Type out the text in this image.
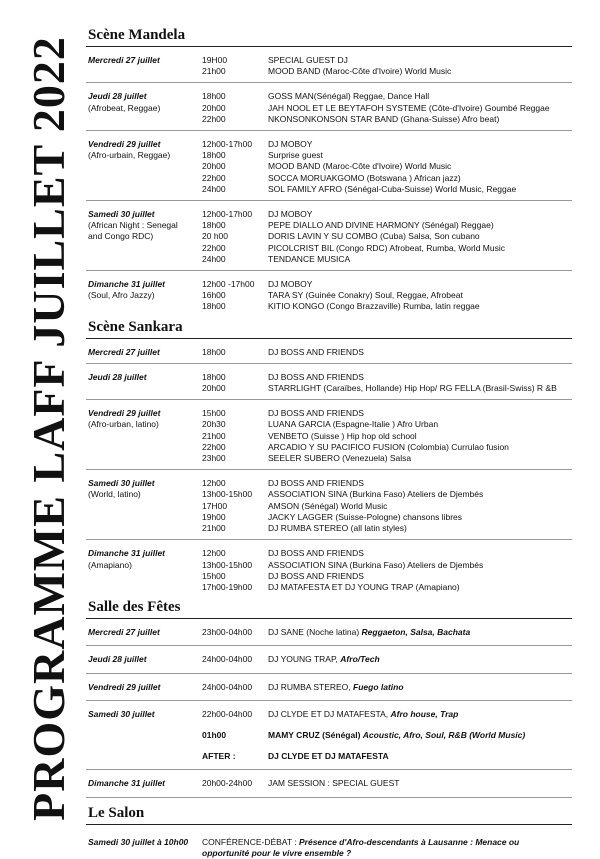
PROGRAMME LAFF JUILLET 2022
Scène Mandela
Mercredi 27 juillet	19H00	SPECIAL GUEST DJ
21h00	MOOD BAND (Maroc-Côte d'Ivoire) World Music
Jeudi 28 juillet
(Afrobeat, Reggae)
18h00	GOSS MAN(Sénégal) Reggae, Dance Hall
20h00	JAH NOOL ET LE BEYTAFOH SYSTEME (Côte-d'Ivoire) Goumbé Reggae
22h00	NKONSONKONSON STAR BAND (Ghana-Suisse) Afro beat)
Vendredi 29 juillet
(Afro-urbain, Reggae)
12h00-17h00	DJ MOBOY
18h00	Surprise guest
20h00	MOOD BAND (Maroc-Côte d'Ivoire) World Music
22h00	SOCCA MORUAKGOMO (Botswana ) African jazz)
24h00	SOL FAMILY AFRO (Sénégal-Cuba-Suisse) World Music, Reggae
Samedi 30 juillet
(African Night : Senegal
and Congo RDC)
12h00-17h00	DJ MOBOY
18h00	PEPE DIALLO AND DIVINE HARMONY (Sénégal) Reggae)
20 h00	DORIS LAVIN Y SU COMBO (Cuba) Salsa, Son cubano
22h00	PICOLCRIST BIL (Congo RDC) Afrobeat, Rumba, World Music
24h00	TENDANCE MUSICA
Dimanche 31 juillet
(Soul, Afro Jazzy)
12h00 -17h00	DJ MOBOY
16h00	TARA SY (Guinée Conakry) Soul, Reggae, Afrobeat
18h00	KITIO KONGO (Congo Brazzaville) Rumba, latin reggae
Scène Sankara
Mercredi 27 juillet	18h00	DJ BOSS AND FRIENDS
Jeudi 28 juillet	18h00	DJ BOSS AND FRIENDS
20h00	STARRLIGHT (Caraïbes, Hollande) Hip Hop/ RG FELLA (Brasil-Swiss) R &B
Vendredi 29 juillet
(Afro-urban, latino)
15h00	DJ BOSS AND FRIENDS
20h30	LUANA GARCIA (Espagne-Italie ) Afro Urban
21h00	VENBETO (Suisse ) Hip hop old school
22h00	ARCADIO Y SU PACIFICO FUSION (Colombia) Currulao fusion
23h00	SEELER SUBERO (Venezuela) Salsa
Samedi 30 juillet
(World, latino)
12h00	DJ BOSS AND FRIENDS
13h00-15h00	ASSOCIATION SINA (Burkina Faso) Ateliers de Djembés
17H00	AMSON (Sénégal) World Music
19h00	JACKY LAGGER (Suisse-Pologne) chansons libres
21h00	DJ RUMBA STEREO (all latin styles)
Dimanche 31 juillet
(Amapiano)
12h00	DJ BOSS AND FRIENDS
13h00-15h00	ASSOCIATION SINA (Burkina Faso) Ateliers de Djembés
15h00	DJ BOSS AND FRIENDS
17h00-19h00	DJ MATAFESTA ET DJ YOUNG TRAP (Amapiano)
Salle des Fêtes
Mercredi 27 juillet	23h00-04h00	DJ SANE (Noche latina) Reggaeton, Salsa, Bachata
Jeudi 28 juillet	24h00-04h00	DJ YOUNG TRAP, Afro/Tech
Vendredi 29 juillet	24h00-04h00	DJ RUMBA STEREO, Fuego latino
Samedi 30 juillet	22h00-04h00	DJ CLYDE ET DJ MATAFESTA, Afro house, Trap
01h00	MAMY CRUZ (Sénégal) Acoustic, Afro, Soul, R&B (World Music)
AFTER :	DJ CLYDE ET DJ MATAFESTA
Dimanche 31 juillet	20h00-24h00	JAM SESSION : SPECIAL GUEST
Le Salon
Samedi 30 juillet à 10h00	CONFÉRENCE-DÉBAT : Présence d'Afro-descendants à Lausanne : Menace ou
opportunité pour le vivre ensemble ?
